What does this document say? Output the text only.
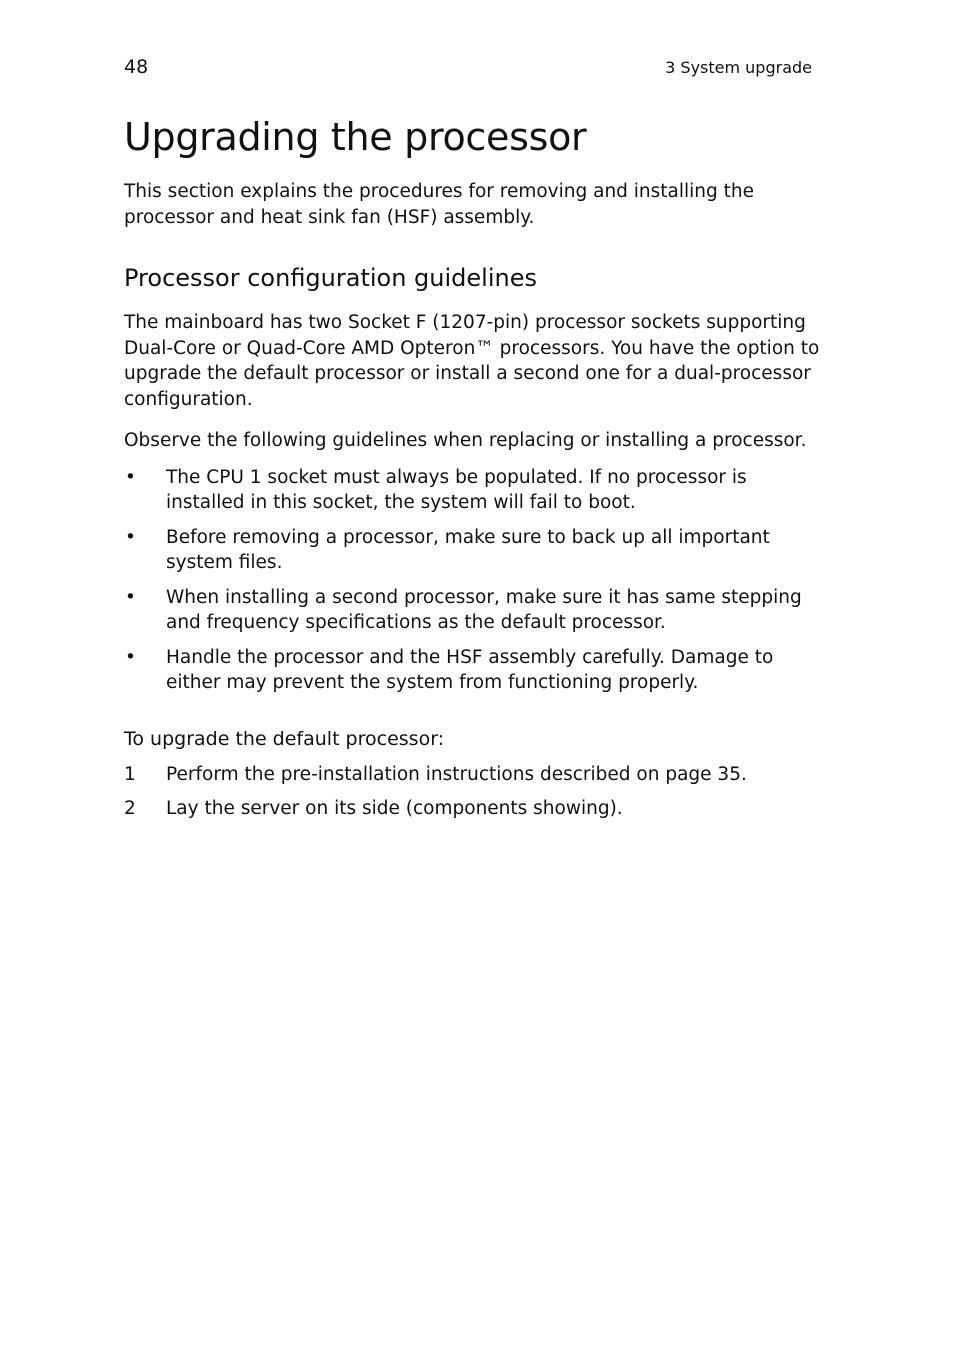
48	3 System upgrade
Upgrading the processor

This section explains the procedures for removing and installing the processor and heat sink fan (HSF) assembly.

Processor configuration guidelines

The mainboard has two Socket F (1207-pin) processor sockets supporting Dual-Core or Quad-Core AMD Opteron™ processors. You have the option to upgrade the default processor or install a second one for a dual-processor configuration.

Observe the following guidelines when replacing or installing a processor.

• The CPU 1 socket must always be populated. If no processor is installed in this socket, the system will fail to boot.
• Before removing a processor, make sure to back up all important system files.
• When installing a second processor, make sure it has same stepping and frequency specifications as the default processor.
• Handle the processor and the HSF assembly carefully. Damage to either may prevent the system from functioning properly.

To upgrade the default processor:

1 Perform the pre-installation instructions described on page 35.
2 Lay the server on its side (components showing).
